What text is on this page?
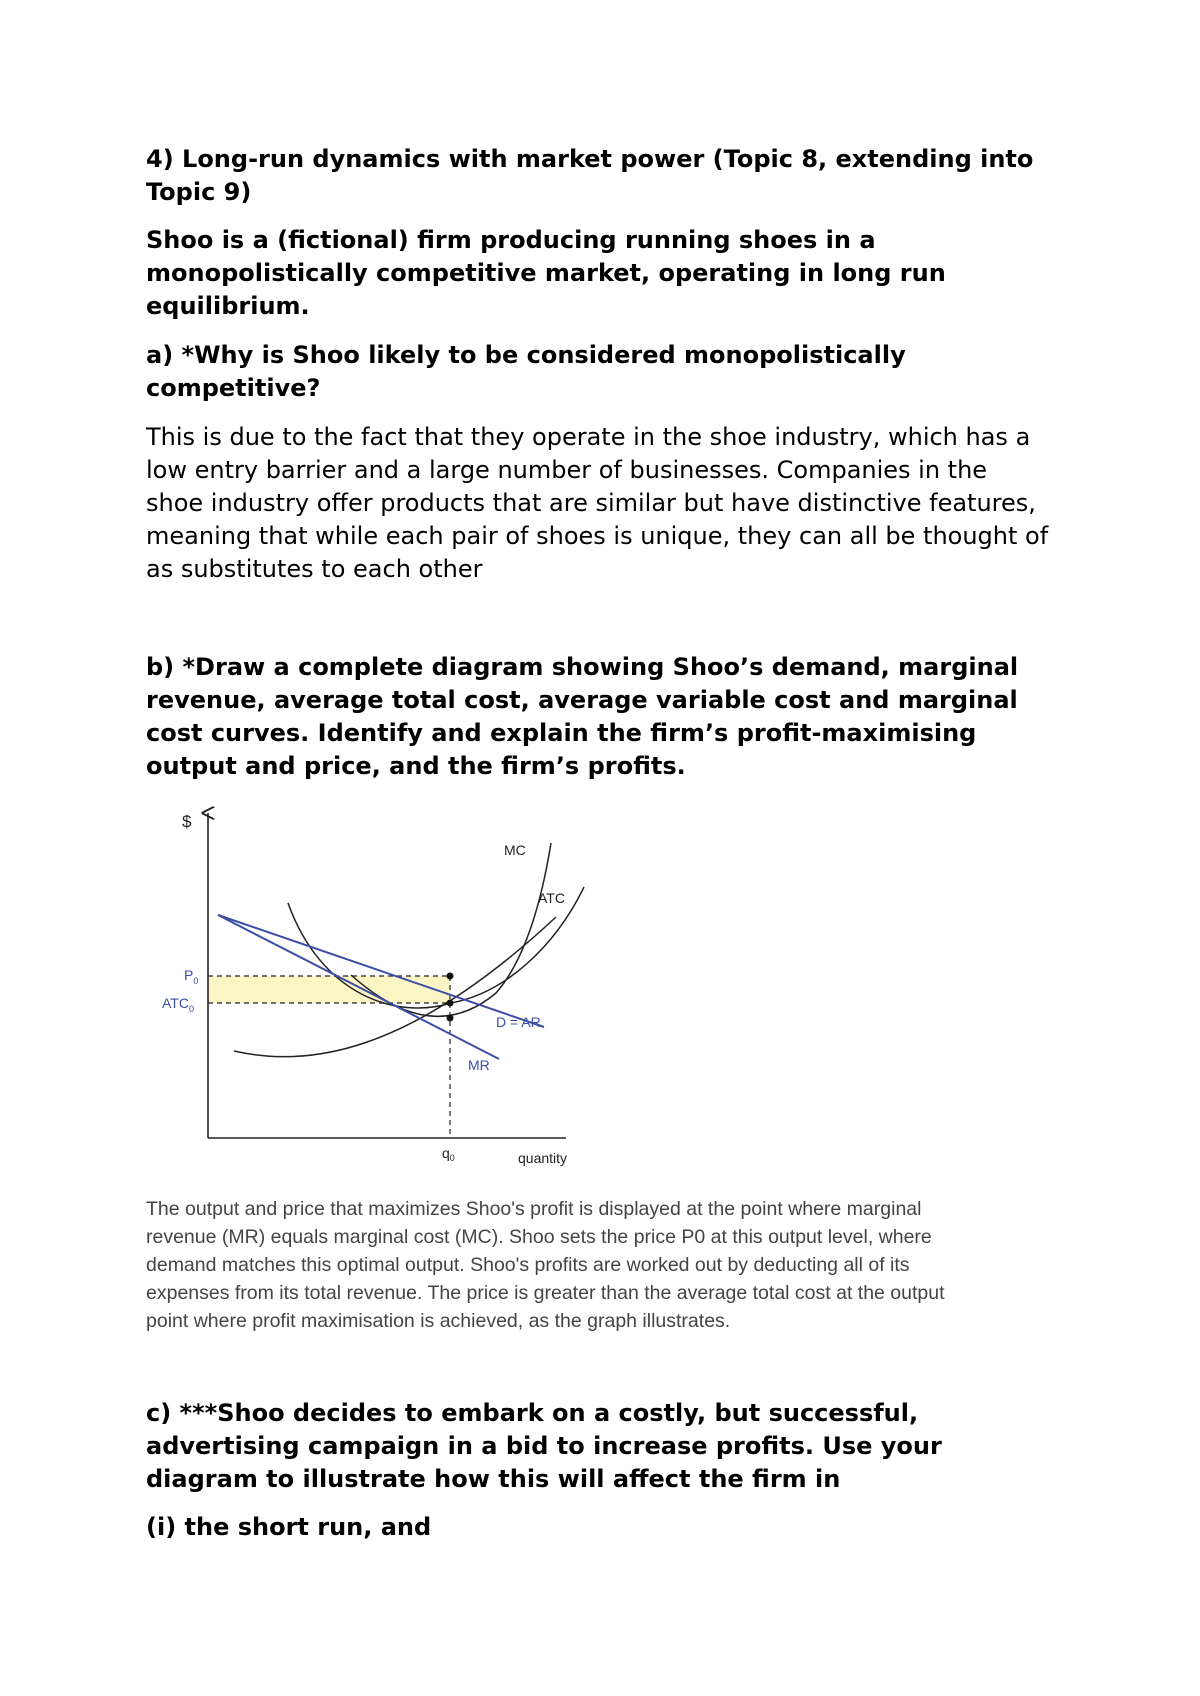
4) Long-run dynamics with market power (Topic 8, extending into
Topic 9)
Shoo is a (fictional) firm producing running shoes in a
monopolistically competitive market, operating in long run
equilibrium.
a) *Why is Shoo likely to be considered monopolistically
competitive?
This is due to the fact that they operate in the shoe industry, which has a
low entry barrier and a large number of businesses. Companies in the
shoe industry offer products that are similar but have distinctive features,
meaning that while each pair of shoes is unique, they can all be thought of
as substitutes to each other
b) *Draw a complete diagram showing Shoo’s demand, marginal
revenue, average total cost, average variable cost and marginal
cost curves. Identify and explain the firm’s profit-maximising
output and price, and the firm’s profits.
$
quantity
MC
ATC
D = AR
MR
$P_0$
$ATC_0$
$q_0$
The output and price that maximizes Shoo's profit is displayed at the point where marginal
revenue (MR) equals marginal cost (MC). Shoo sets the price P0 at this output level, where
demand matches this optimal output. Shoo's profits are worked out by deducting all of its
expenses from its total revenue. The price is greater than the average total cost at the output
point where profit maximisation is achieved, as the graph illustrates.
c) ***Shoo decides to embark on a costly, but successful,
advertising campaign in a bid to increase profits. Use your
diagram to illustrate how this will affect the firm in
(i) the short run, and
